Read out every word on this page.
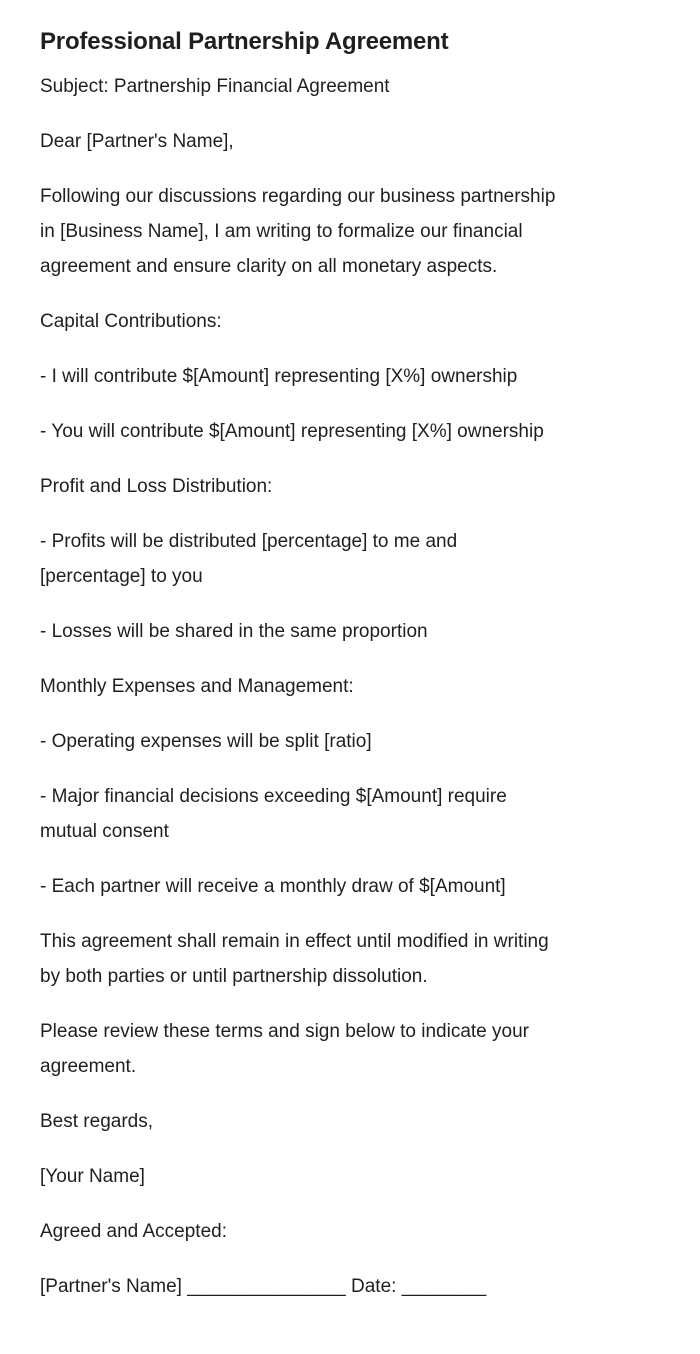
Professional Partnership Agreement
Subject: Partnership Financial Agreement
Dear [Partner's Name],
Following our discussions regarding our business partnership
in [Business Name], I am writing to formalize our financial
agreement and ensure clarity on all monetary aspects.
Capital Contributions:
- I will contribute $[Amount] representing [X%] ownership
- You will contribute $[Amount] representing [X%] ownership
Profit and Loss Distribution:
- Profits will be distributed [percentage] to me and
[percentage] to you
- Losses will be shared in the same proportion
Monthly Expenses and Management:
- Operating expenses will be split [ratio]
- Major financial decisions exceeding $[Amount] require
mutual consent
- Each partner will receive a monthly draw of $[Amount]
This agreement shall remain in effect until modified in writing
by both parties or until partnership dissolution.
Please review these terms and sign below to indicate your
agreement.
Best regards,
[Your Name]
Agreed and Accepted:
[Partner's Name] _______________ Date: ________
